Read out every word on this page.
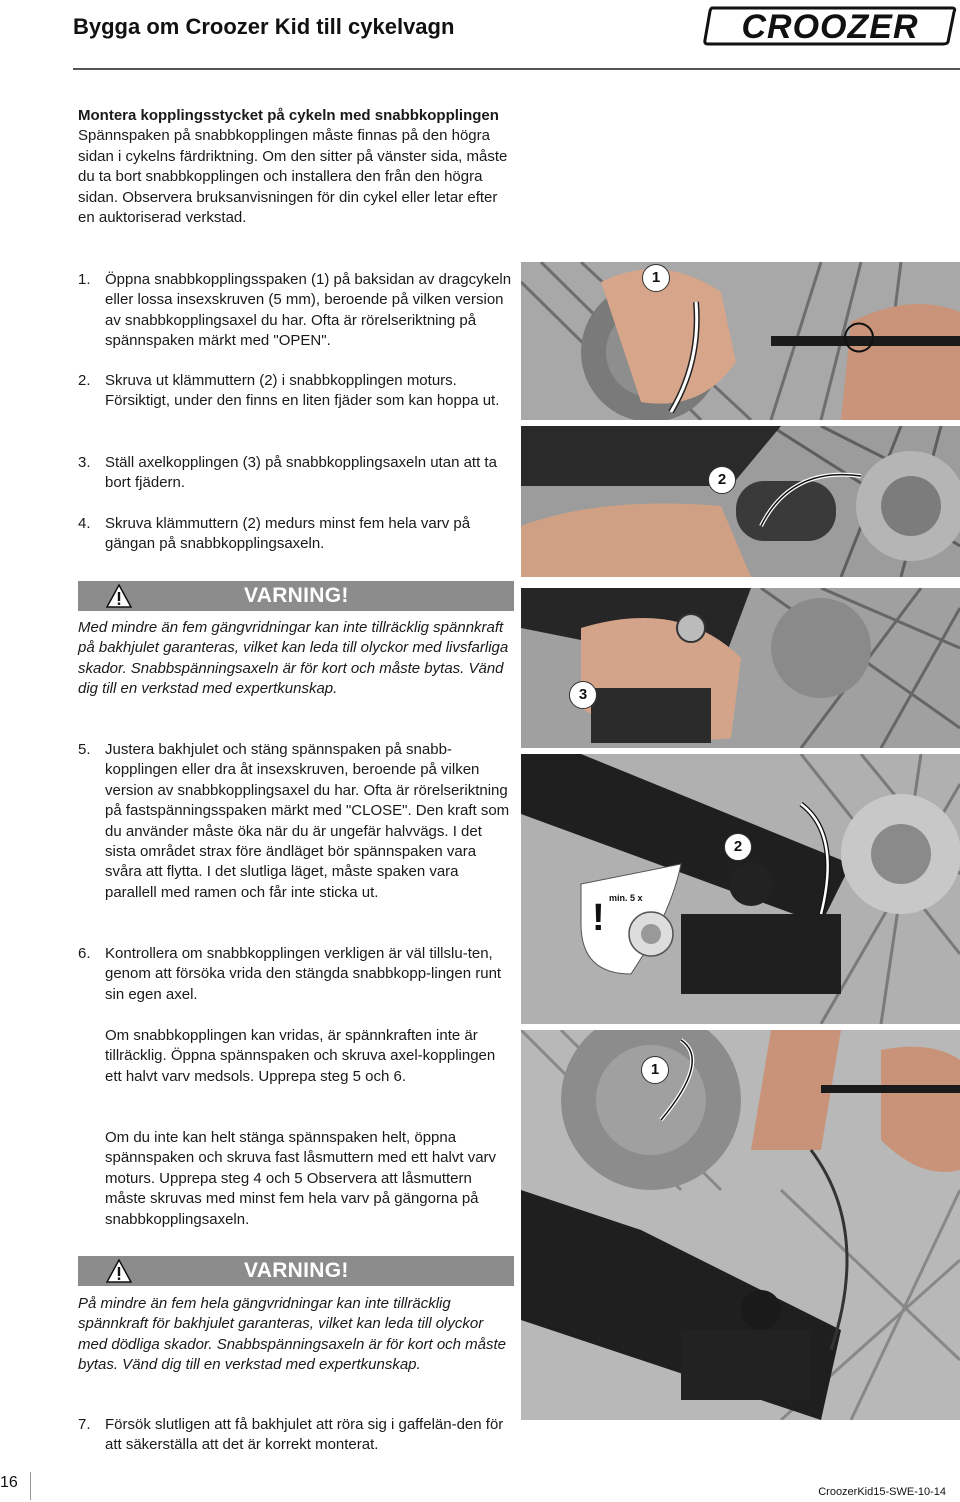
Bygga om Croozer Kid till cykelvagn	CROOZER

Montera kopplingsstycket på cykeln med snabbkopplingen

Spännspaken på snabbkopplingen måste finnas på den högra sidan i cykelns färdriktning. Om den sitter på vänster sida, måste du ta bort snabbkopplingen och installera den från den högra sidan. Observera bruksanvisningen för din cykel eller letar efter en auktoriserad verkstad.

1. Öppna snabbkopplingsspaken (1) på baksidan av dragcykeln eller lossa insexskruven (5 mm), beroende på vilken version av snabbkopplingsaxel du har. Ofta är rörelseriktning på spännspaken märkt med "OPEN".
2. Skruva ut klämmuttern (2) i snabbkopplingen moturs. Försiktigt, under den finns en liten fjäder som kan hoppa ut.
3. Ställ axelkopplingen (3) på snabbkopplingsaxeln utan att ta bort fjädern.
4. Skruva klämmuttern (2) medurs minst fem hela varv på gängan på snabbkopplingsaxeln.
VARNING!

Med mindre än fem gängvridningar kan inte tillräcklig spännkraft på bakhjulet garanteras, vilket kan leda till olyckor med livsfarliga skador. Snabbspänningsaxeln är för kort och måste bytas. Vänd dig till en verkstad med expertkunskap.

5. Justera bakhjulet och stäng spännspaken på snabb-kopplingen eller dra åt insexskruven, beroende på vilken version av snabbkopplingsaxel du har. Ofta är rörelseriktning på fastspänningsspaken märkt med "CLOSE". Den kraft som du använder måste öka när du är ungefär halvvägs. I det sista området strax före ändläget bör spännspaken vara svåra att flytta. I det slutliga läget, måste spaken vara parallell med ramen och får inte sticka ut.
6. Kontrollera om snabbkopplingen verkligen är väl tillslu-ten, genom att försöka vrida den stängda snabbkopp-lingen runt sin egen axel.

Om snabbkopplingen kan vridas, är spännkraften inte är tillräcklig. Öppna spännspaken och skruva axel-kopplingen ett halvt varv medsols. Upprepa steg 5 och 6.

Om du inte kan helt stänga spännspaken helt, öppna spännspaken och skruva fast låsmuttern med ett halvt varv moturs. Upprepa steg 4 och 5 Observera att låsmuttern måste skruvas med minst fem hela varv på gängorna på snabbkopplingsaxeln.

VARNING!

På mindre än fem hela gängvridningar kan inte tillräcklig spännkraft för bakhjulet garanteras, vilket kan leda till olyckor med dödliga skador. Snabbspänningsaxeln är för kort och måste bytas. Vänd dig till en verkstad med expertkunskap.

7. Försök slutligen att få bakhjulet att röra sig i gaffelän-den för att säkerställa att det är korrekt monterat.
1
2
3
2
min. 5 x
!
1
16
CroozerKid15-SWE-10-14
